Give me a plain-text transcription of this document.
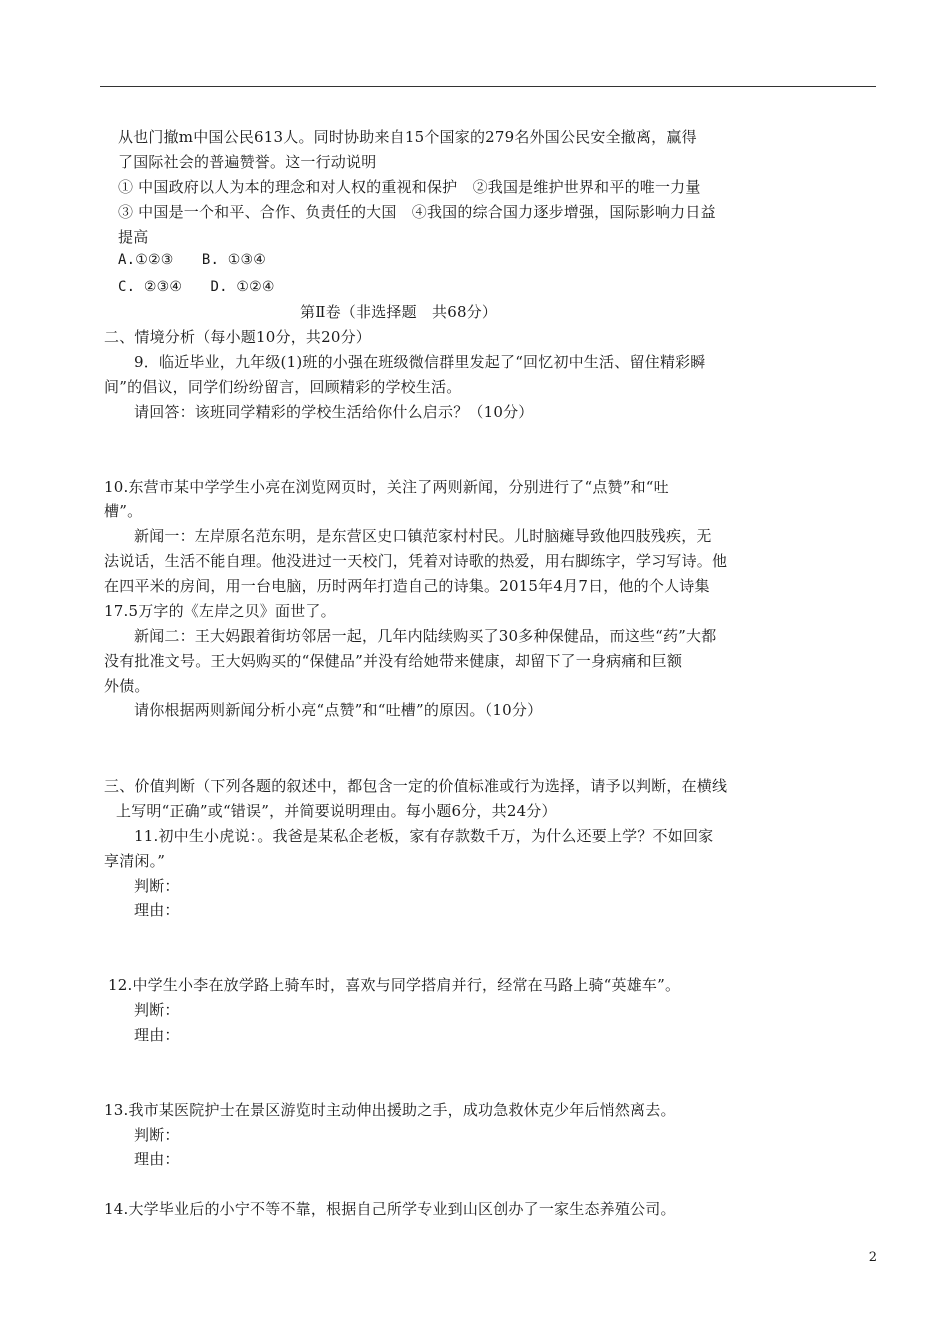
从也门撤m中国公民613人。同时协助来自15个国家的279名外国公民安全撤离，赢得
了国际社会的普遍赞誉。这一行动说明
① 中国政府以人为本的理念和对人权的重视和保护　②我国是维护世界和平的唯一力量
③ 中国是一个和平、合作、负责任的大国　④我国的综合国力逐步增强，国际影响力日益
提高
A.①②③　　B. ①③④
C. ②③④　　D. ①②④
第Ⅱ卷（非选择题　共68分）
二、情境分析（每小题10分，共20分）
9．临近毕业，九年级(1)班的小强在班级微信群里发起了“回忆初中生活、留住精彩瞬
间”的倡议，同学们纷纷留言，回顾精彩的学校生活。
请回答：该班同学精彩的学校生活给你什么启示？（10分）
10.东营市某中学学生小亮在浏览网页时，关注了两则新闻，分别进行了“点赞”和“吐
槽”。
新闻一：左岸原名范东明，是东营区史口镇范家村村民。儿时脑瘫导致他四肢残疾，无
法说话，生活不能自理。他没进过一天校门，凭着对诗歌的热爱，用右脚练字，学习写诗。他
在四平米的房间，用一台电脑，历时两年打造自己的诗集。2015年4月7日，他的个人诗集
17.5万字的《左岸之贝》面世了。
新闻二：王大妈跟着街坊邻居一起，几年内陆续购买了30多种保健品，而这些“药”大都
没有批准文号。王大妈购买的“保健品”并没有给她带来健康，却留下了一身病痛和巨额
外债。
请你根据两则新闻分析小亮“点赞”和“吐槽”的原因。（10分）
三、价值判断（下列各题的叙述中，都包含一定的价值标准或行为选择，请予以判断，在横线
上写明“正确”或“错误”，并简要说明理由。每小题6分，共24分）
11.初中生小虎说：。我爸是某私企老板，家有存款数千万，为什么还要上学？不如回家
享清闲。”
判断：
理由：
12.中学生小李在放学路上骑车时，喜欢与同学搭肩并行，经常在马路上骑“英雄车”。
判断：
理由：
13.我市某医院护士在景区游览时主动伸出援助之手，成功急救休克少年后悄然离去。
判断：
理由：
14.大学毕业后的小宁不等不靠，根据自己所学专业到山区创办了一家生态养殖公司。
2
